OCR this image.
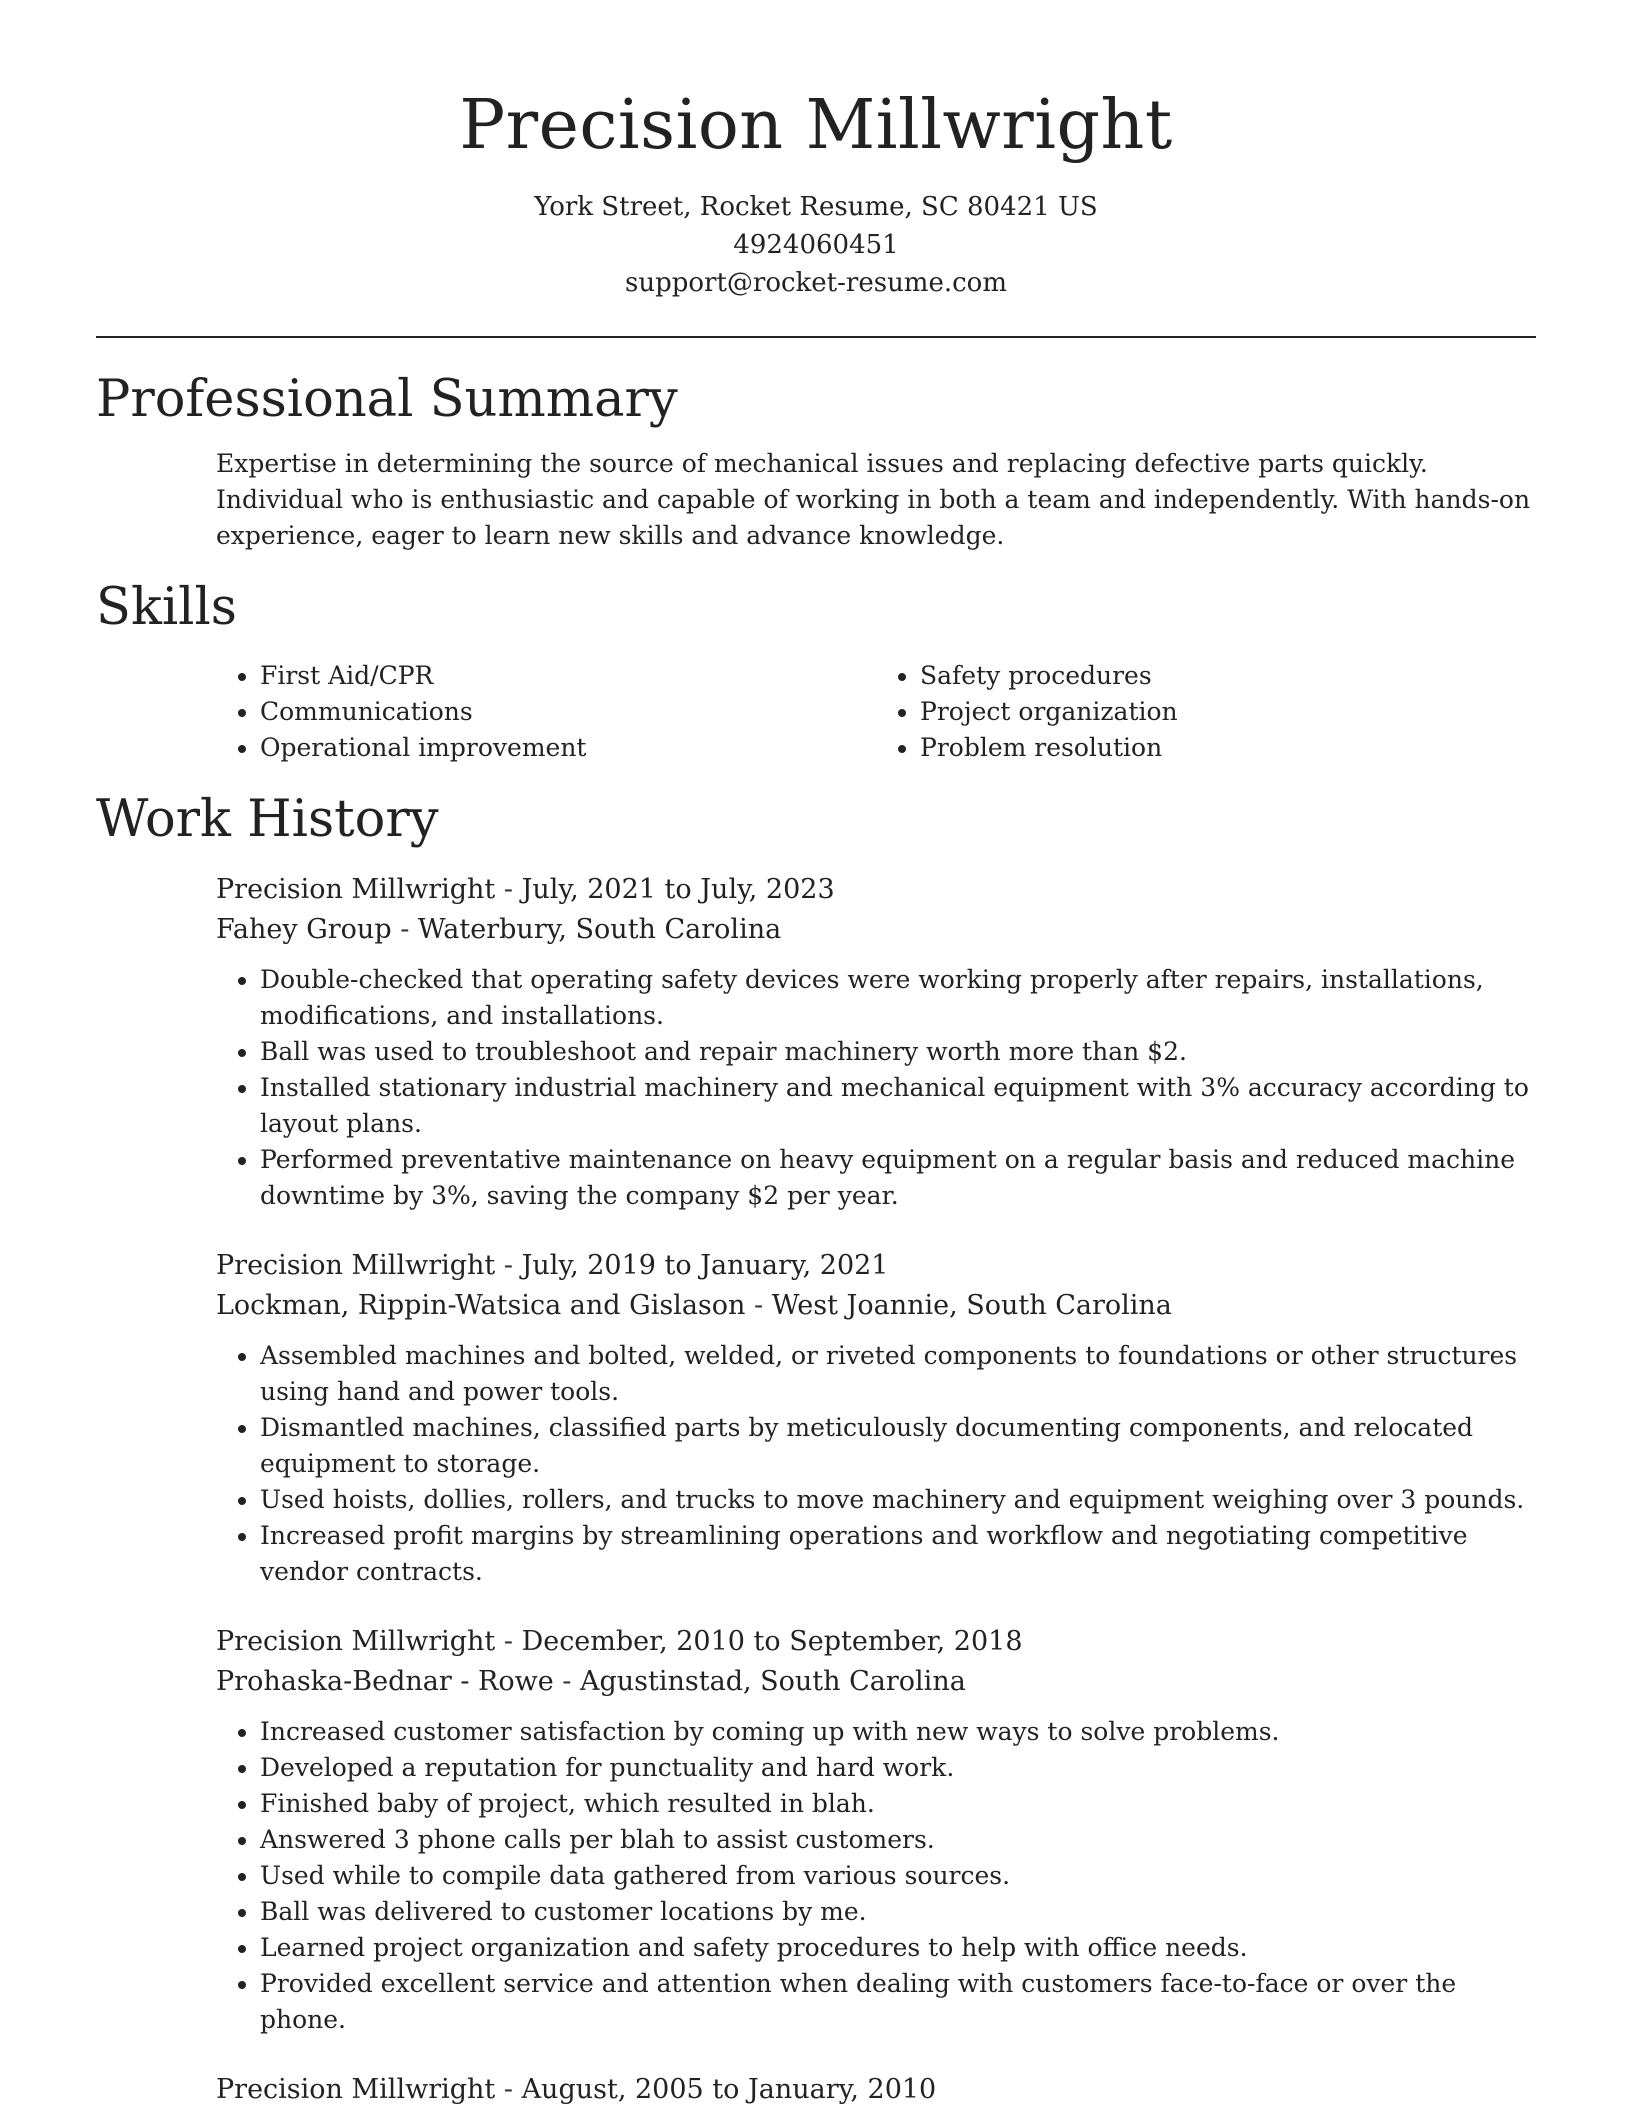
Precision Millwright
York Street, Rocket Resume, SC 80421 US
4924060451
support@rocket-resume.com
Professional Summary

Expertise in determining the source of mechanical issues and replacing defective parts quickly. Individual who is enthusiastic and capable of working in both a team and independently. With hands-on experience, eager to learn new skills and advance knowledge.

Skills
• First Aid/CPR
• Communications
• Operational improvement
• Safety procedures
• Project organization
• Problem resolution
Work History
Precision Millwright - July, 2021 to July, 2023
Fahey Group - Waterbury, South Carolina
• Double-checked that operating safety devices were working properly after repairs, installations, modifications, and installations.
• Ball was used to troubleshoot and repair machinery worth more than $2.
• Installed stationary industrial machinery and mechanical equipment with 3% accuracy according to layout plans.
• Performed preventative maintenance on heavy equipment on a regular basis and reduced machine downtime by 3%, saving the company $2 per year.
Precision Millwright - July, 2019 to January, 2021
Lockman, Rippin-Watsica and Gislason - West Joannie, South Carolina
• Assembled machines and bolted, welded, or riveted components to foundations or other structures using hand and power tools.
• Dismantled machines, classified parts by meticulously documenting components, and relocated equipment to storage.
• Used hoists, dollies, rollers, and trucks to move machinery and equipment weighing over 3 pounds.
• Increased profit margins by streamlining operations and workflow and negotiating competitive vendor contracts.
Precision Millwright - December, 2010 to September, 2018
Prohaska-Bednar - Rowe - Agustinstad, South Carolina
• Increased customer satisfaction by coming up with new ways to solve problems.
• Developed a reputation for punctuality and hard work.
• Finished baby of project, which resulted in blah.
• Answered 3 phone calls per blah to assist customers.
• Used while to compile data gathered from various sources.
• Ball was delivered to customer locations by me.
• Learned project organization and safety procedures to help with office needs.
• Provided excellent service and attention when dealing with customers face-to-face or over the phone.
Precision Millwright - August, 2005 to January, 2010
